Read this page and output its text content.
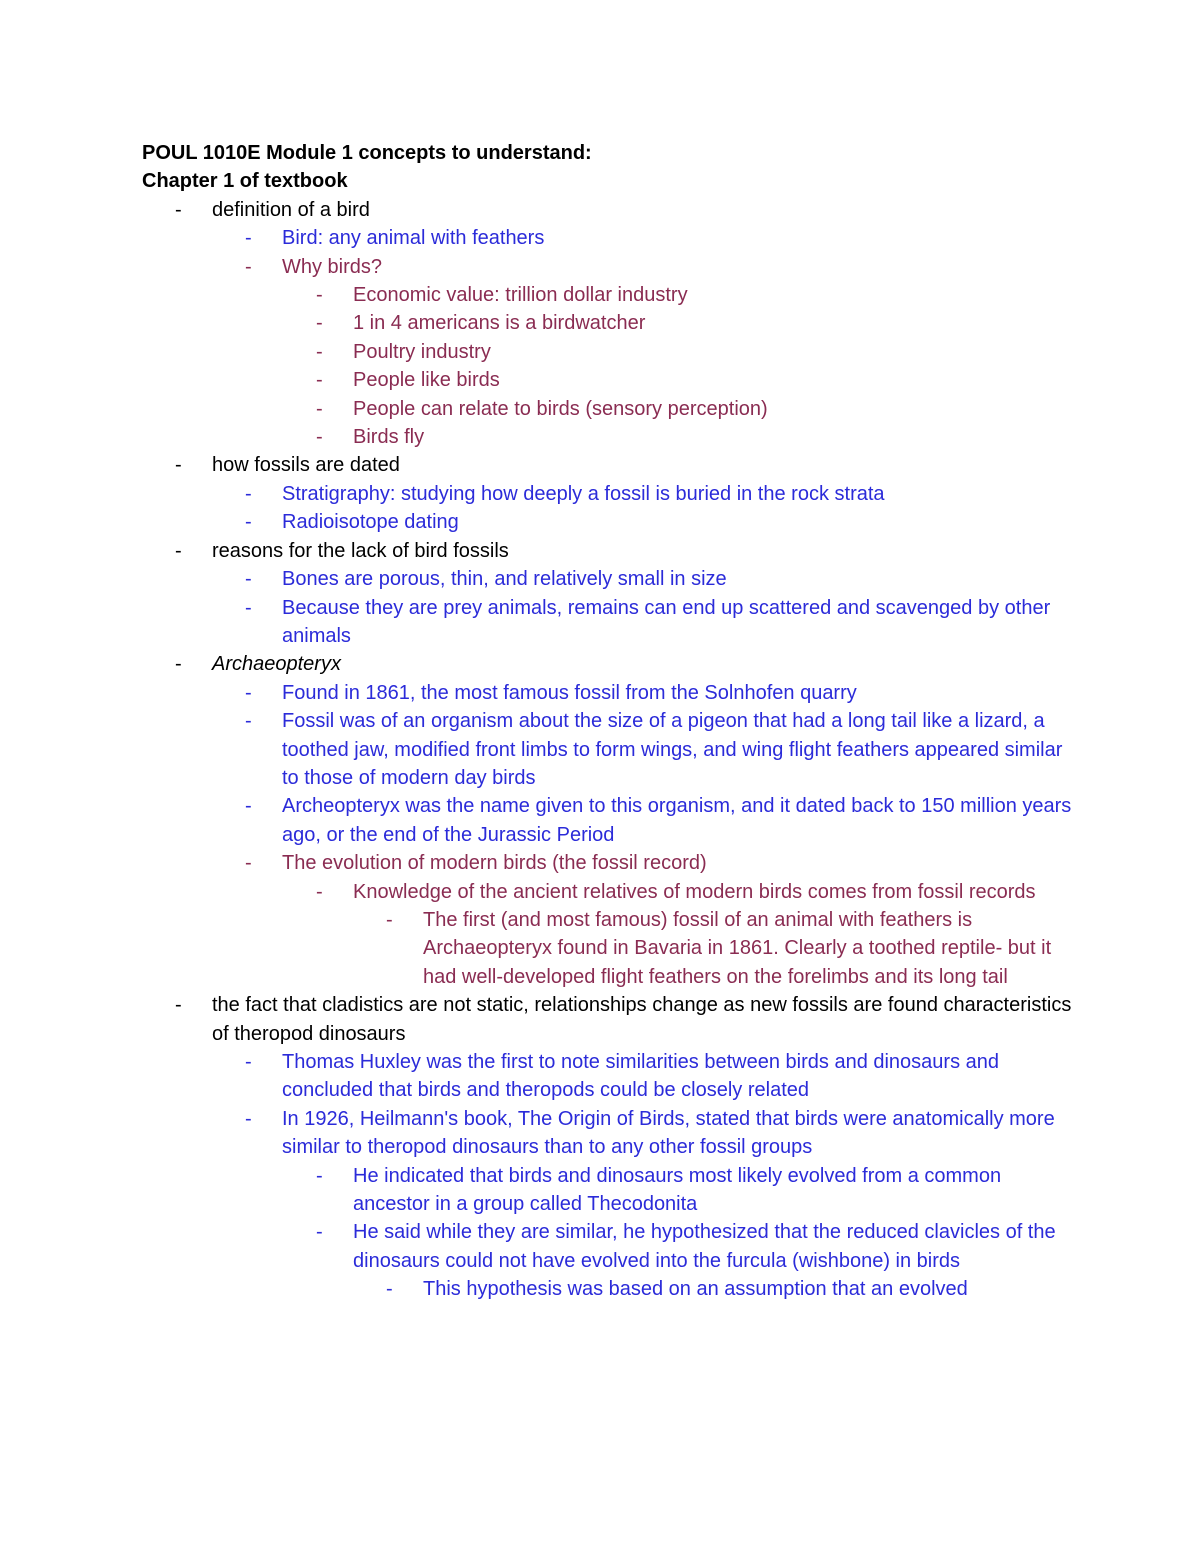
POUL 1010E Module 1 concepts to understand:
Chapter 1 of textbook
- definition of a bird
- Bird: any animal with feathers
- Why birds?
- Economic value: trillion dollar industry
- 1 in 4 americans is a birdwatcher
- Poultry industry
- People like birds
- People can relate to birds (sensory perception)
- Birds fly
- how fossils are dated
- Stratigraphy: studying how deeply a fossil is buried in the rock strata
- Radioisotope dating
- reasons for the lack of bird fossils
- Bones are porous, thin, and relatively small in size
- Because they are prey animals, remains can end up scattered and scavenged by other animals
- Archaeopteryx
- Found in 1861, the most famous fossil from the Solnhofen quarry
- Fossil was of an organism about the size of a pigeon that had a long tail like a lizard, a toothed jaw, modified front limbs to form wings, and wing flight feathers appeared similar to those of modern day birds
- Archeopteryx was the name given to this organism, and it dated back to 150 million years ago, or the end of the Jurassic Period
- The evolution of modern birds (the fossil record)
- Knowledge of the ancient relatives of modern birds comes from fossil records
- The first (and most famous) fossil of an animal with feathers is Archaeopteryx found in Bavaria in 1861. Clearly a toothed reptile- but it had well-developed flight feathers on the forelimbs and its long tail
- the fact that cladistics are not static, relationships change as new fossils are found characteristics of theropod dinosaurs
- Thomas Huxley was the first to note similarities between birds and dinosaurs and concluded that birds and theropods could be closely related
- In 1926, Heilmann's book, The Origin of Birds, stated that birds were anatomically more similar to theropod dinosaurs than to any other fossil groups
- He indicated that birds and dinosaurs most likely evolved from a common ancestor in a group called Thecodonita
- He said while they are similar, he hypothesized that the reduced clavicles of the dinosaurs could not have evolved into the furcula (wishbone) in birds
- This hypothesis was based on an assumption that an evolved
